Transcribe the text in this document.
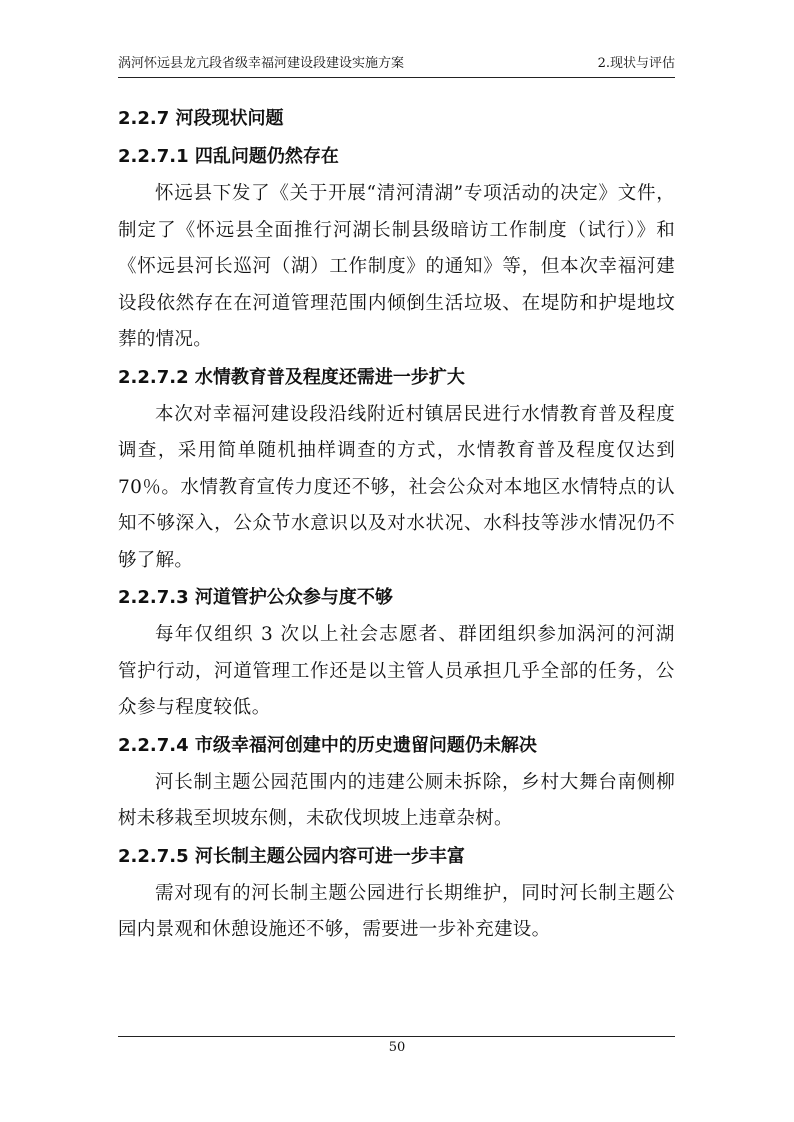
涡河怀远县龙亢段省级幸福河建设段建设实施方案	2.现状与评估
2.2.7 河段现状问题
2.2.7.1 四乱问题仍然存在

怀远县下发了《关于开展“清河清湖”专项活动的决定》文件，制定了《怀远县全面推行河湖长制县级暗访工作制度（试行）》和《怀远县河长巡河（湖）工作制度》的通知》等，但本次幸福河建设段依然存在在河道管理范围内倾倒生活垃圾、在堤防和护堤地坟葬的情况。

2.2.7.2 水情教育普及程度还需进一步扩大

本次对幸福河建设段沿线附近村镇居民进行水情教育普及程度调查，采用简单随机抽样调查的方式，水情教育普及程度仅达到 70％。水情教育宣传力度还不够，社会公众对本地区水情特点的认知不够深入，公众节水意识以及对水状况、水科技等涉水情况仍不够了解。

2.2.7.3 河道管护公众参与度不够

每年仅组织 3 次以上社会志愿者、群团组织参加涡河的河湖管护行动，河道管理工作还是以主管人员承担几乎全部的任务，公众参与程度较低。

2.2.7.4 市级幸福河创建中的历史遗留问题仍未解决

河长制主题公园范围内的违建公厕未拆除，乡村大舞台南侧柳树未移栽至坝坡东侧，未砍伐坝坡上违章杂树。

2.2.7.5 河长制主题公园内容可进一步丰富

需对现有的河长制主题公园进行长期维护，同时河长制主题公园内景观和休憩设施还不够，需要进一步补充建设。

50
